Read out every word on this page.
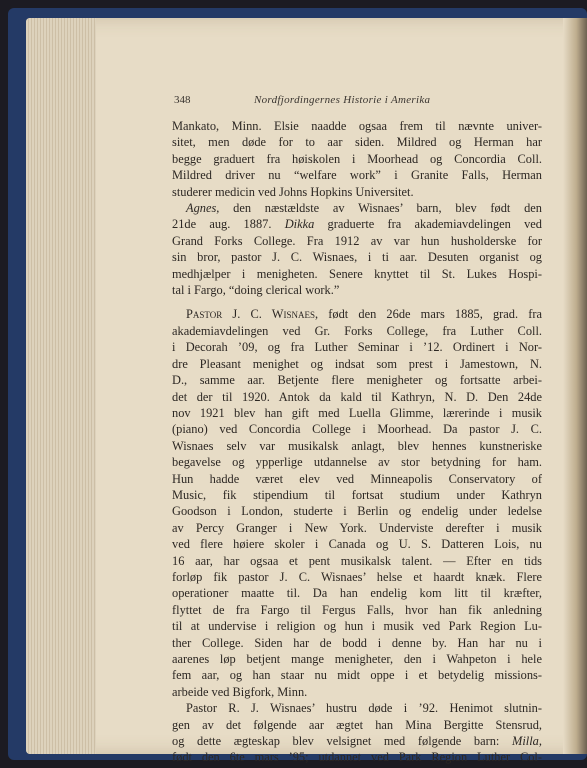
348	Nordfjordingernes Historie i Amerika
Mankato, Minn. Elsie naadde ogsaa frem til nævnte univer-
sitet, men døde for to aar siden. Mildred og Herman har
begge graduert fra høiskolen i Moorhead og Concordia Coll.
Mildred driver nu “welfare work” i Granite Falls, Herman
studerer medicin ved Johns Hopkins Universitet.
Agnes, den næstældste av Wisnaes’ barn, blev født den
21de aug. 1887. Dikka graduerte fra akademiavdelingen ved
Grand Forks College. Fra 1912 av var hun husholderske for
sin bror, pastor J. C. Wisnaes, i ti aar. Desuten organist og
medhjælper i menigheten. Senere knyttet til St. Lukes Hospi-
tal i Fargo, “doing clerical work.”
Pastor J. C. Wisnaes, født den 26de mars 1885, grad. fra
akademiavdelingen ved Gr. Forks College, fra Luther Coll.
i Decorah ’09, og fra Luther Seminar i ’12. Ordinert i Nor-
dre Pleasant menighet og indsat som prest i Jamestown, N.
D., samme aar. Betjente flere menigheter og fortsatte arbei-
det der til 1920. Antok da kald til Kathryn, N. D. Den 24de
nov 1921 blev han gift med Luella Glimme, lærerinde i musik
(piano) ved Concordia College i Moorhead. Da pastor J. C.
Wisnaes selv var musikalsk anlagt, blev hennes kunstneriske
begavelse og ypperlige utdannelse av stor betydning for ham.
Hun hadde været elev ved Minneapolis Conservatory of
Music, fik stipendium til fortsat studium under Kathryn
Goodson i London, studerte i Berlin og endelig under ledelse
av Percy Granger i New York. Underviste derefter i musik
ved flere høiere skoler i Canada og U. S. Datteren Lois, nu
16 aar, har ogsaa et pent musikalsk talent. — Efter en tids
forløp fik pastor J. C. Wisnaes’ helse et haardt knæk. Flere
operationer maatte til. Da han endelig kom litt til kræfter,
flyttet de fra Fargo til Fergus Falls, hvor han fik anledning
til at undervise i religion og hun i musik ved Park Region Lu-
ther College. Siden har de bodd i denne by. Han har nu i
aarenes løp betjent mange menigheter, den i Wahpeton i hele
fem aar, og han staar nu midt oppe i et betydelig missions-
arbeide ved Bigfork, Minn.
Pastor R. J. Wisnaes’ hustru døde i ’92. Henimot slutnin-
gen av det følgende aar ægtet han Mina Bergitte Stensrud,
og dette ægteskap blev velsignet med følgende barn: Milla,
født den 6te mars ’95; utdannet ved Park Region Luther Col-
